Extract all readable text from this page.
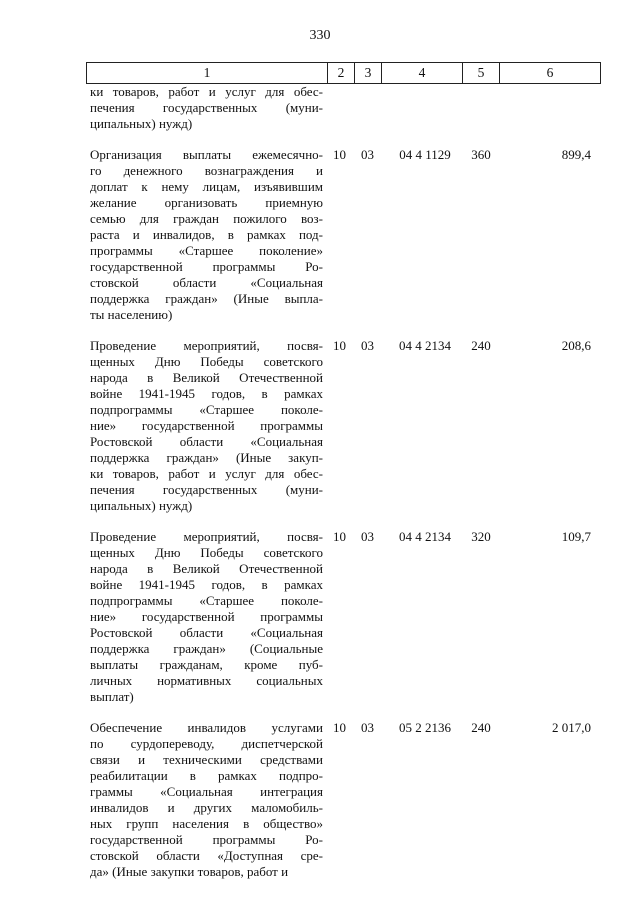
330
1	2	3	4	5	6
ки товаров, работ и услуг для обес-
печения государственных (муни-
ципальных) нужд)
Организация выплаты ежемесячно-
го денежного вознаграждения и
доплат к нему лицам, изъявившим
желание организовать приемную
семью для граждан пожилого воз-
раста и инвалидов, в рамках под-
программы «Старшее поколение»
государственной программы Ро-
стовской области «Социальная
поддержка граждан» (Иные выпла-
ты населению)
10 03	04 4 1129	360	899,4
Проведение мероприятий, посвя-
щенных Дню Победы советского
народа в Великой Отечественной
войне 1941-1945 годов, в рамках
подпрограммы «Старшее поколе-
ние» государственной программы
Ростовской области «Социальная
поддержка граждан» (Иные закуп-
ки товаров, работ и услуг для обес-
печения государственных (муни-
ципальных) нужд)
10 03	04 4 2134	240	208,6
Проведение мероприятий, посвя-
щенных Дню Победы советского
народа в Великой Отечественной
войне 1941-1945 годов, в рамках
подпрограммы «Старшее поколе-
ние» государственной программы
Ростовской области «Социальная
поддержка граждан» (Социальные
выплаты гражданам, кроме пуб-
личных нормативных социальных
выплат)
10 03	04 4 2134	320	109,7
Обеспечение инвалидов услугами
по сурдопереводу, диспетчерской
связи и техническими средствами
реабилитации в рамках подпро-
граммы «Социальная интеграция
инвалидов и других маломобиль-
ных групп населения в общество»
государственной программы Ро-
стовской области «Доступная сре-
да» (Иные закупки товаров, работ и
10 03	05 2 2136	240	2 017,0
